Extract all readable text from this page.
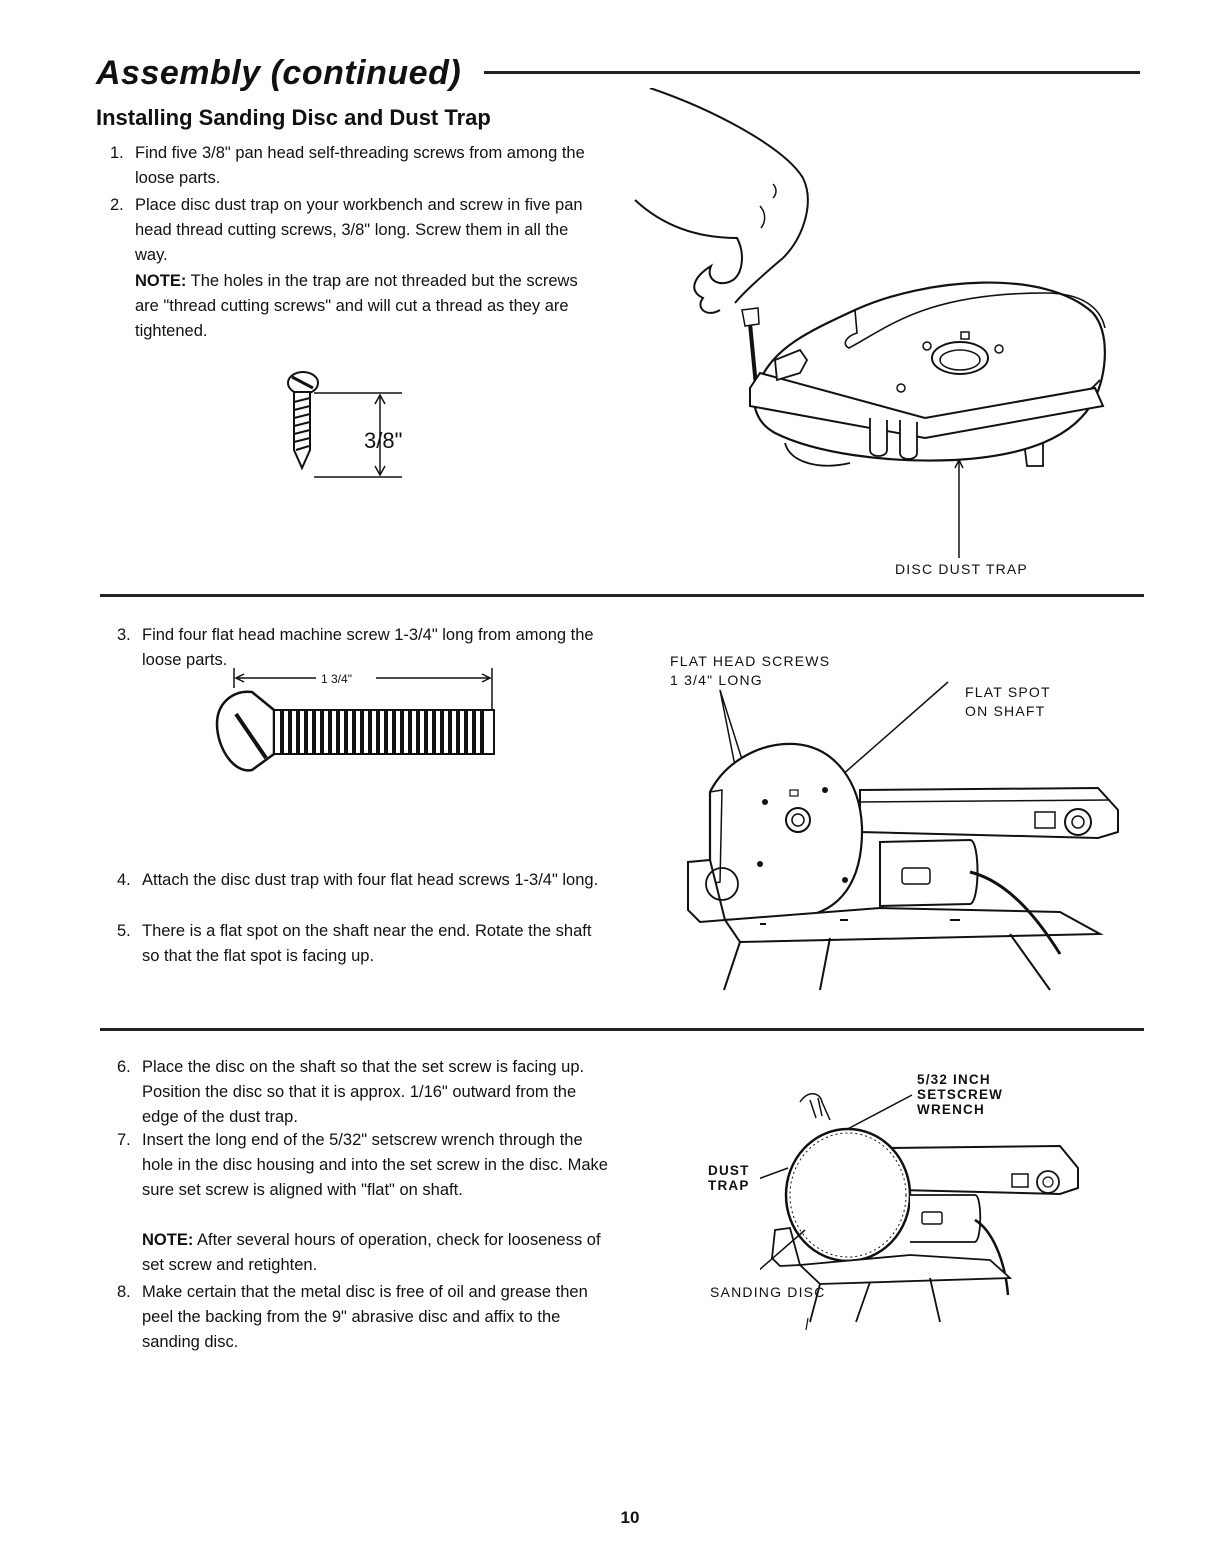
Assembly (continued)
Installing Sanding Disc and Dust Trap
1. Find five 3/8" pan head self-threading screws from among the loose parts.
2. Place disc dust trap on your workbench and screw in five pan head thread cutting screws, 3/8" long. Screw them in all the way.

NOTE: The holes in the trap are not threaded but the screws are "thread cutting screws" and will cut a thread as they are tightened.

3/8"

DISC DUST TRAP

3. Find four flat head machine screw 1-3/4" long from among the loose parts.
1 3/4"
4. Attach the disc dust trap with four flat head screws 1-3/4" long.
5. There is a flat spot on the shaft near the end. Rotate the shaft so that the flat spot is facing up.

FLAT HEAD SCREWS
1 3/4" LONG

FLAT SPOT
ON SHAFT

6. Place the disc on the shaft so that the set screw is facing up. Position the disc so that it is approx. 1/16" outward from the edge of the dust trap.
7. Insert the long end of the 5/32" setscrew wrench through the hole in the disc housing and into the set screw in the disc. Make sure set screw is aligned with "flat" on shaft.

NOTE: After several hours of operation, check for looseness of set screw and retighten.

8. Make certain that the metal disc is free of oil and grease then peel the backing from the 9" abrasive disc and affix to the sanding disc.

5/32 INCH
SETSCREW
WRENCH

DUST
TRAP

SANDING DISC

10
